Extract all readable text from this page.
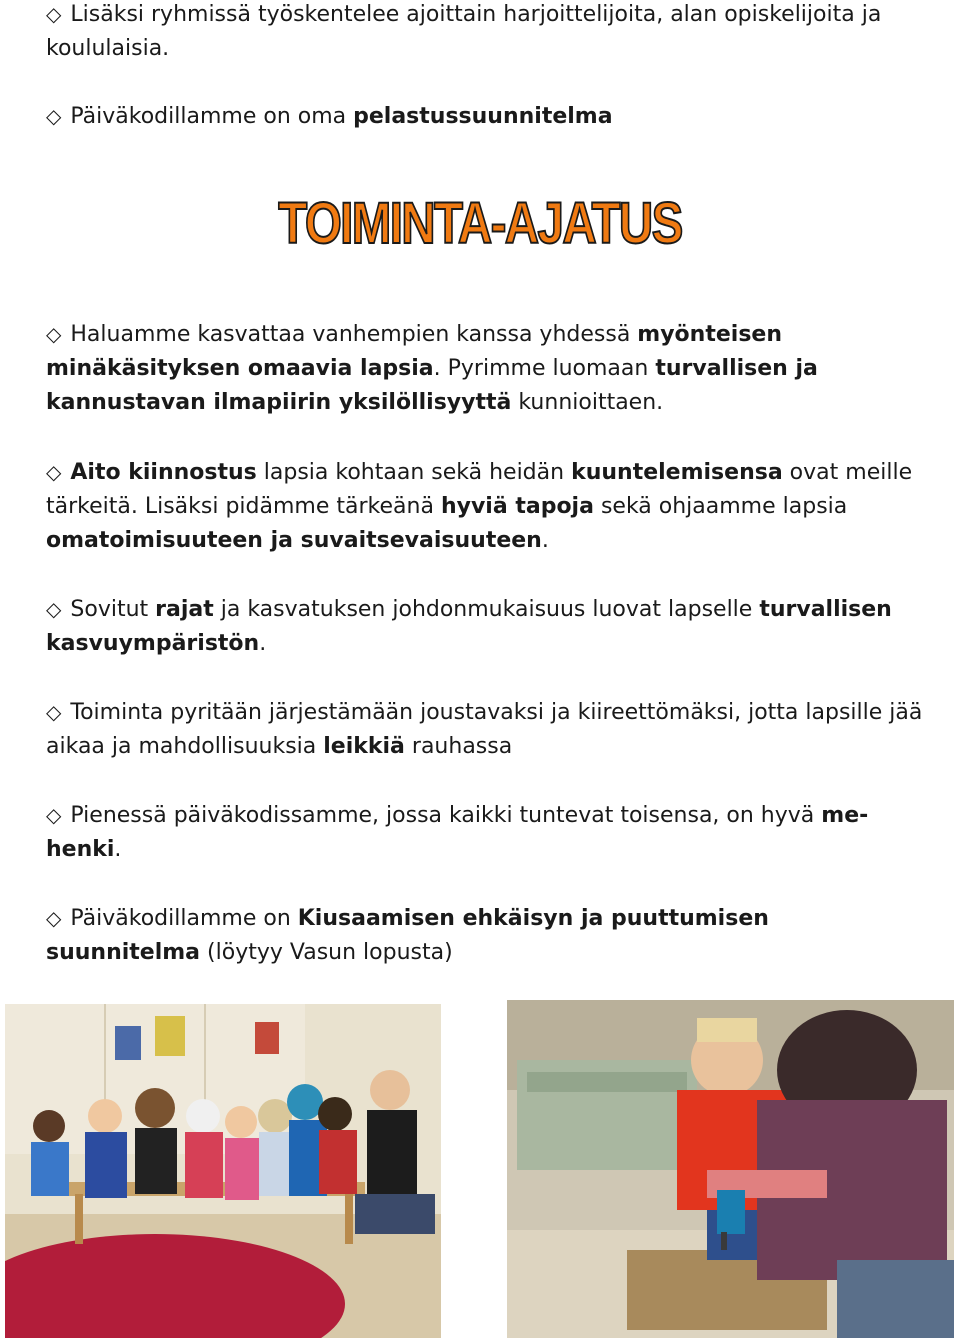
◇ Lisäksi ryhmissä työskentelee ajoittain harjoittelijoita, alan opiskelijoita ja koululaisia.

◇ Päiväkodillamme on oma pelastussuunnitelma

TOIMINTA-AJATUS

◇ Haluamme kasvattaa vanhempien kanssa yhdessä myönteisen minäkäsityksen omaavia lapsia. Pyrimme luomaan turvallisen ja kannustavan ilmapiirin yksilöllisyyttä kunnioittaen.

◇ Aito kiinnostus lapsia kohtaan sekä heidän kuuntelemisensa ovat meille tärkeitä. Lisäksi pidämme tärkeänä hyviä tapoja sekä ohjaamme lapsia omatoimisuuteen ja suvaitsevaisuuteen.

◇ Sovitut rajat ja kasvatuksen johdonmukaisuus luovat lapselle turvallisen kasvuympäristön.

◇ Toiminta pyritään järjestämään joustavaksi ja kiireettömäksi, jotta lapsille jää aikaa ja mahdollisuuksia leikkiä rauhassa

◇ Pienessä päiväkodissamme, jossa kaikki tuntevat toisensa, on hyvä me-henki.

◇ Päiväkodillamme on Kiusaamisen ehkäisyn ja puuttumisen suunnitelma (löytyy Vasun lopusta)
